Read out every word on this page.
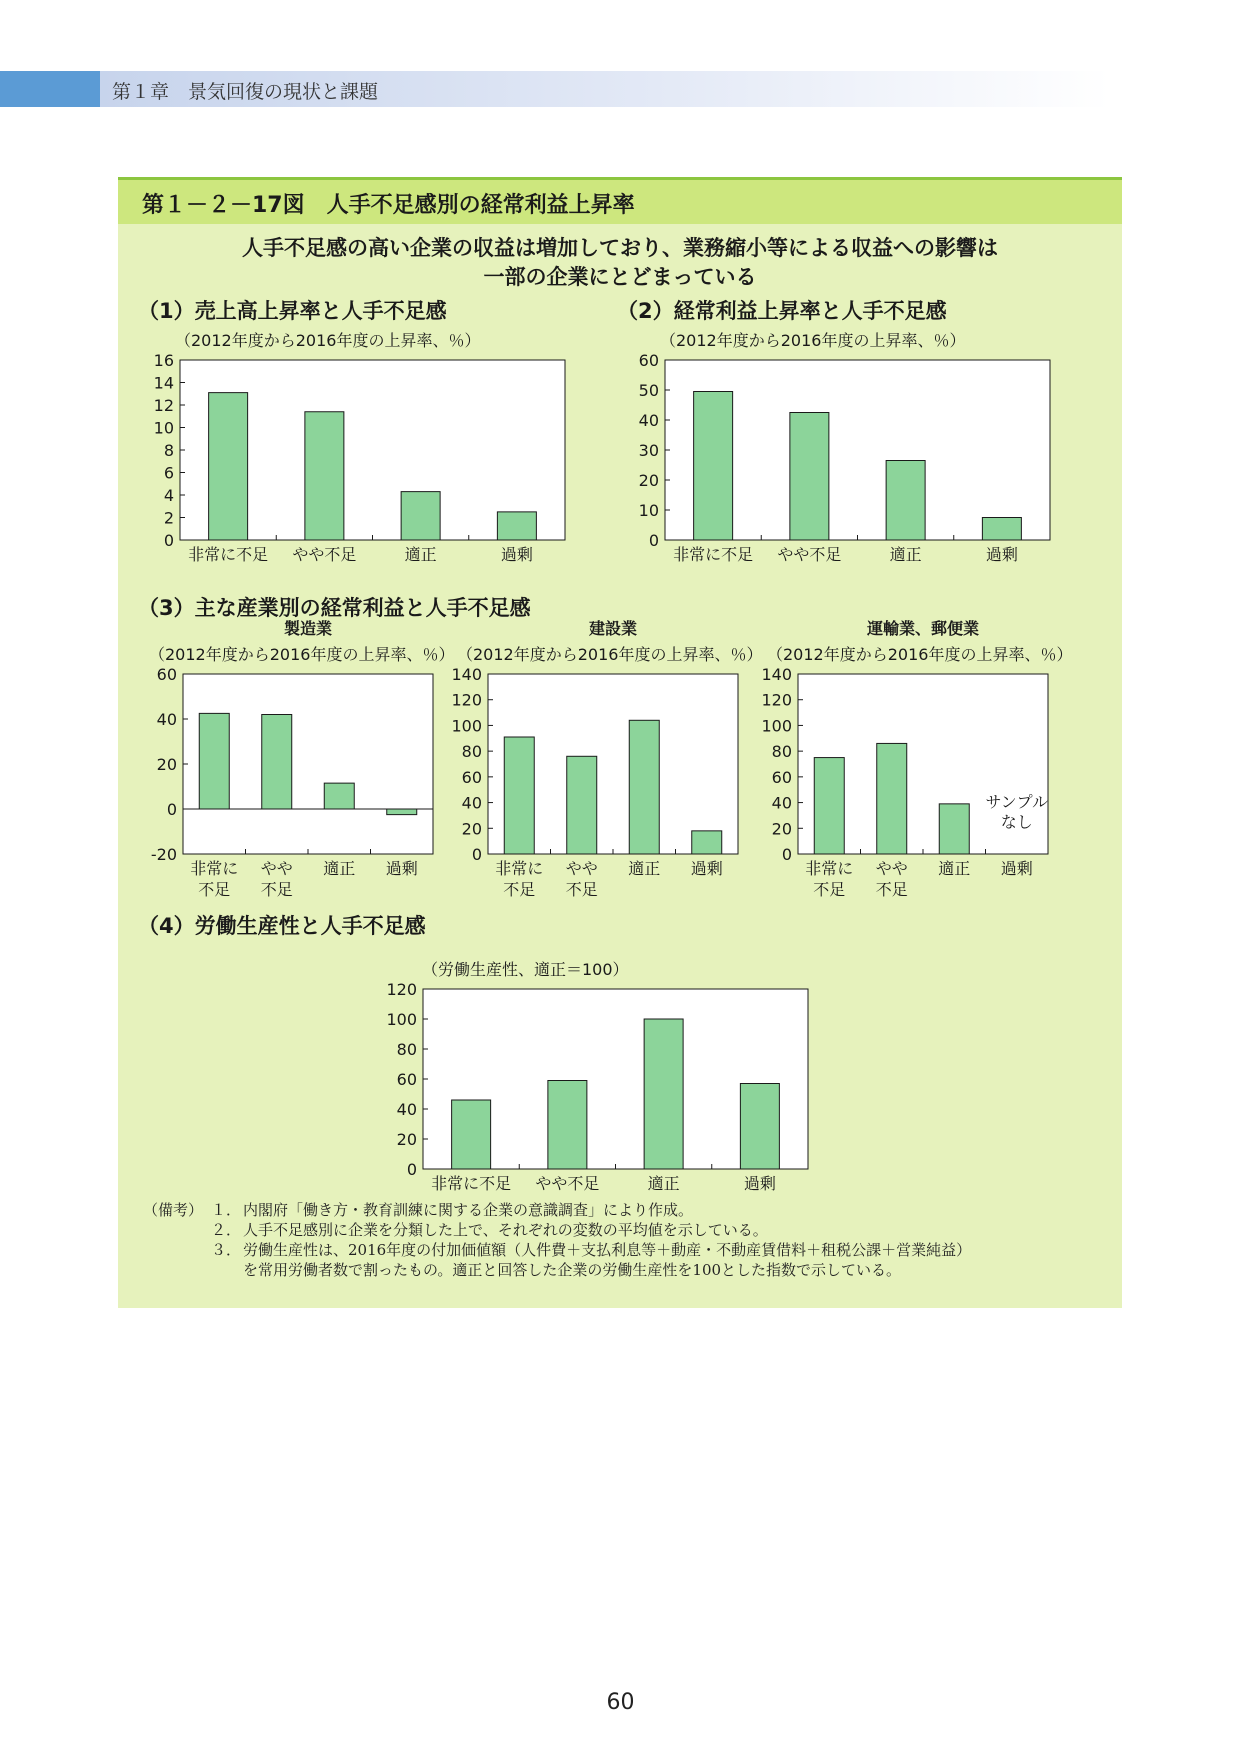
第１章　景気回復の現状と課題
第１－２－17図　人手不足感別の経常利益上昇率
人手不足感の高い企業の収益は増加しており、業務縮小等による収益への影響は
一部の企業にとどまっている
（1）売上高上昇率と人手不足感	（2）経常利益上昇率と人手不足感
（3）主な産業別の経常利益と人手不足感
（4）労働生産性と人手不足感
（2012年度から2016年度の上昇率、％）
0
2
4
6
8
10
12
14
16
非常に不足 やや不足	適正	過剰
（2012年度から2016年度の上昇率、％）
0
10
20
30
40
50
60
非常に不足 やや不足	適正	過剰
製造業
（2012年度から2016年度の上昇率、％）
-20
0
20
40
60
非常に
不足
やや
不足
適正 過剰
建設業
（2012年度から2016年度の上昇率、％）
0
20
40
60
80
100
120
140
非常に
不足
やや
不足
適正 過剰
運輸業、郵便業
（2012年度から2016年度の上昇率、％）
0
20
40
60
80
100
120
140
サンプル
なし
非常に
不足
やや
不足
適正 過剰
（労働生産性、適正＝100）
0
20
40
60
80
100
120
非常に不足 やや不足	適正	過剰
（備考） １． 内閣府「働き方・教育訓練に関する企業の意識調査」により作成。
２． 人手不足感別に企業を分類した上で、それぞれの変数の平均値を示している。
３． 労働生産性は、2016年度の付加価値額（人件費＋支払利息等＋動産・不動産賃借料＋租税公課＋営業純益）
を常用労働者数で割ったもの。適正と回答した企業の労働生産性を100とした指数で示している。
60
